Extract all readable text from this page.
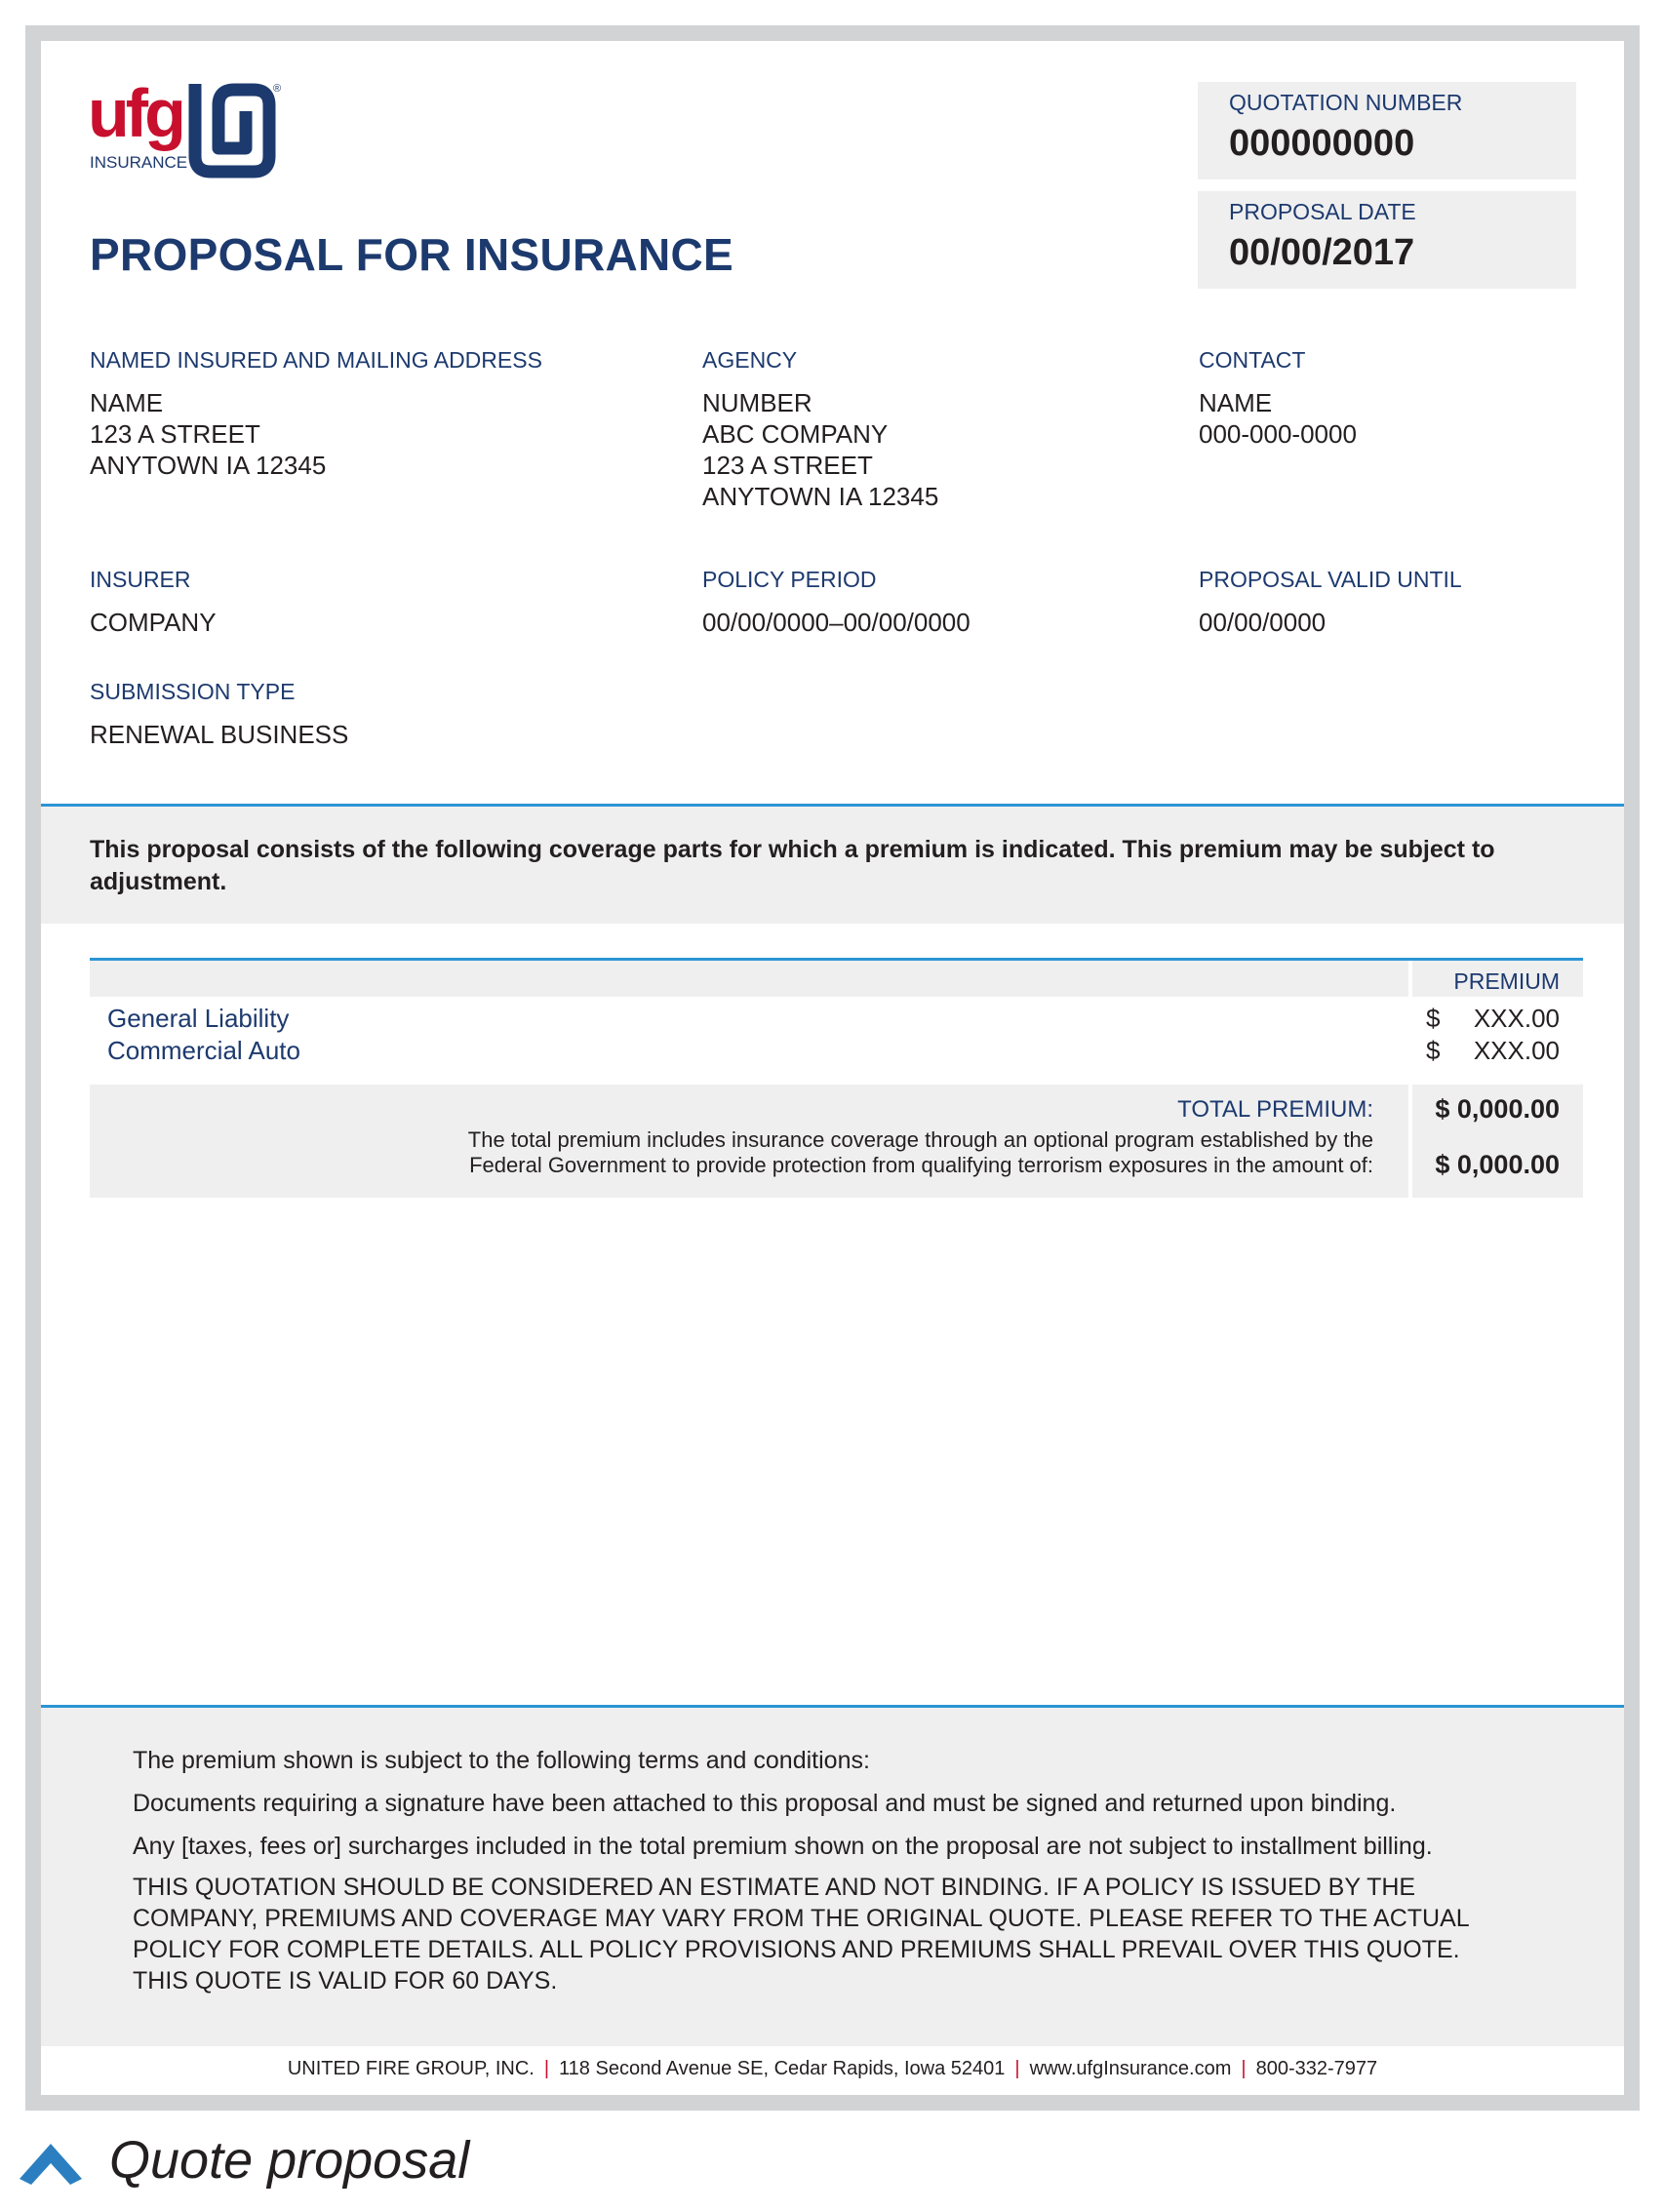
ufg	®
INSURANCE
QUOTATION NUMBER
000000000
PROPOSAL DATE
00/00/2017
PROPOSAL FOR INSURANCE
NAMED INSURED AND MAILING ADDRESS
NAME
123 A STREET
ANYTOWN IA 12345
AGENCY
NUMBER
ABC COMPANY
123 A STREET
ANYTOWN IA 12345
CONTACT
NAME
000-000-0000
INSURER
COMPANY
POLICY PERIOD
00/00/0000–00/00/0000
PROPOSAL VALID UNTIL
00/00/0000
SUBMISSION TYPE
RENEWAL BUSINESS

This proposal consists of the following coverage parts for which a premium is indicated. This premium may be subject to adjustment.

PREMIUM
General Liability	$ XXX.00
Commercial Auto	$ XXX.00
TOTAL PREMIUM: $ 0,000.00
The total premium includes insurance coverage through an optional program established by the
Federal Government to provide protection from qualifying terrorism exposures in the amount of: $ 0,000.00
The premium shown is subject to the following terms and conditions:
Documents requiring a signature have been attached to this proposal and must be signed and returned upon binding.
Any [taxes, fees or] surcharges included in the total premium shown on the proposal are not subject to installment billing.
THIS QUOTATION SHOULD BE CONSIDERED AN ESTIMATE AND NOT BINDING. IF A POLICY IS ISSUED BY THE
COMPANY, PREMIUMS AND COVERAGE MAY VARY FROM THE ORIGINAL QUOTE. PLEASE REFER TO THE ACTUAL
POLICY FOR COMPLETE DETAILS. ALL POLICY PROVISIONS AND PREMIUMS SHALL PREVAIL OVER THIS QUOTE.
THIS QUOTE IS VALID FOR 60 DAYS.
UNITED FIRE GROUP, INC. | 118 Second Avenue SE, Cedar Rapids, Iowa 52401 | www.ufgInsurance.com | 800-332-7977
Quote proposal
